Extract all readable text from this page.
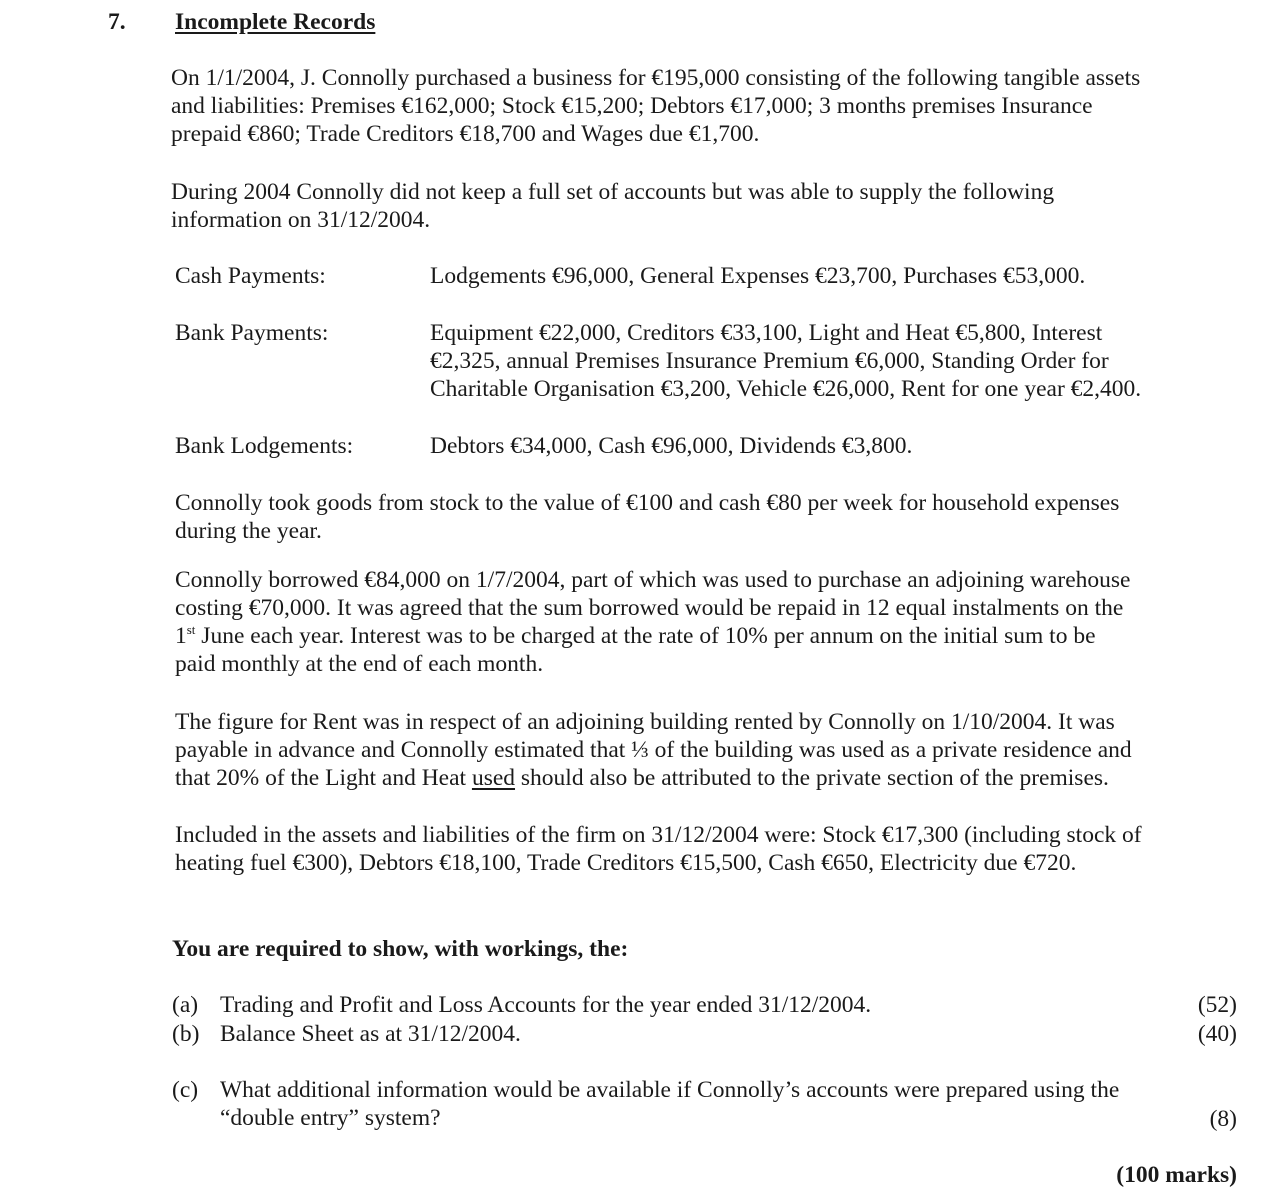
7. Incomplete Records
On 1/1/2004, J. Connolly purchased a business for €195,000 consisting of the following tangible assets
and liabilities: Premises €162,000; Stock €15,200; Debtors €17,000; 3 months premises Insurance
prepaid €860; Trade Creditors €18,700 and Wages due €1,700.
During 2004 Connolly did not keep a full set of accounts but was able to supply the following
information on 31/12/2004.
Cash Payments:	Lodgements €96,000, General Expenses €23,700, Purchases €53,000.
Bank Payments:	Equipment €22,000, Creditors €33,100, Light and Heat €5,800, Interest
€2,325, annual Premises Insurance Premium €6,000, Standing Order for
Charitable Organisation €3,200, Vehicle €26,000, Rent for one year €2,400.
Bank Lodgements:	Debtors €34,000, Cash €96,000, Dividends €3,800.
Connolly took goods from stock to the value of €100 and cash €80 per week for household expenses
during the year.
Connolly borrowed €84,000 on 1/7/2004, part of which was used to purchase an adjoining warehouse
costing €70,000. It was agreed that the sum borrowed would be repaid in 12 equal instalments on the
1st June each year. Interest was to be charged at the rate of 10% per annum on the initial sum to be
paid monthly at the end of each month.
The figure for Rent was in respect of an adjoining building rented by Connolly on 1/10/2004. It was
payable in advance and Connolly estimated that ⅓ of the building was used as a private residence and
that 20% of the Light and Heat used should also be attributed to the private section of the premises.
Included in the assets and liabilities of the firm on 31/12/2004 were: Stock €17,300 (including stock of
heating fuel €300), Debtors €18,100, Trade Creditors €15,500, Cash €650, Electricity due €720.
You are required to show, with workings, the:
(a) Trading and Profit and Loss Accounts for the year ended 31/12/2004.	(52)
(b) Balance Sheet as at 31/12/2004.	(40)
(c) What additional information would be available if Connolly’s accounts were prepared using the
“double entry” system?	(8)
(100 marks)
